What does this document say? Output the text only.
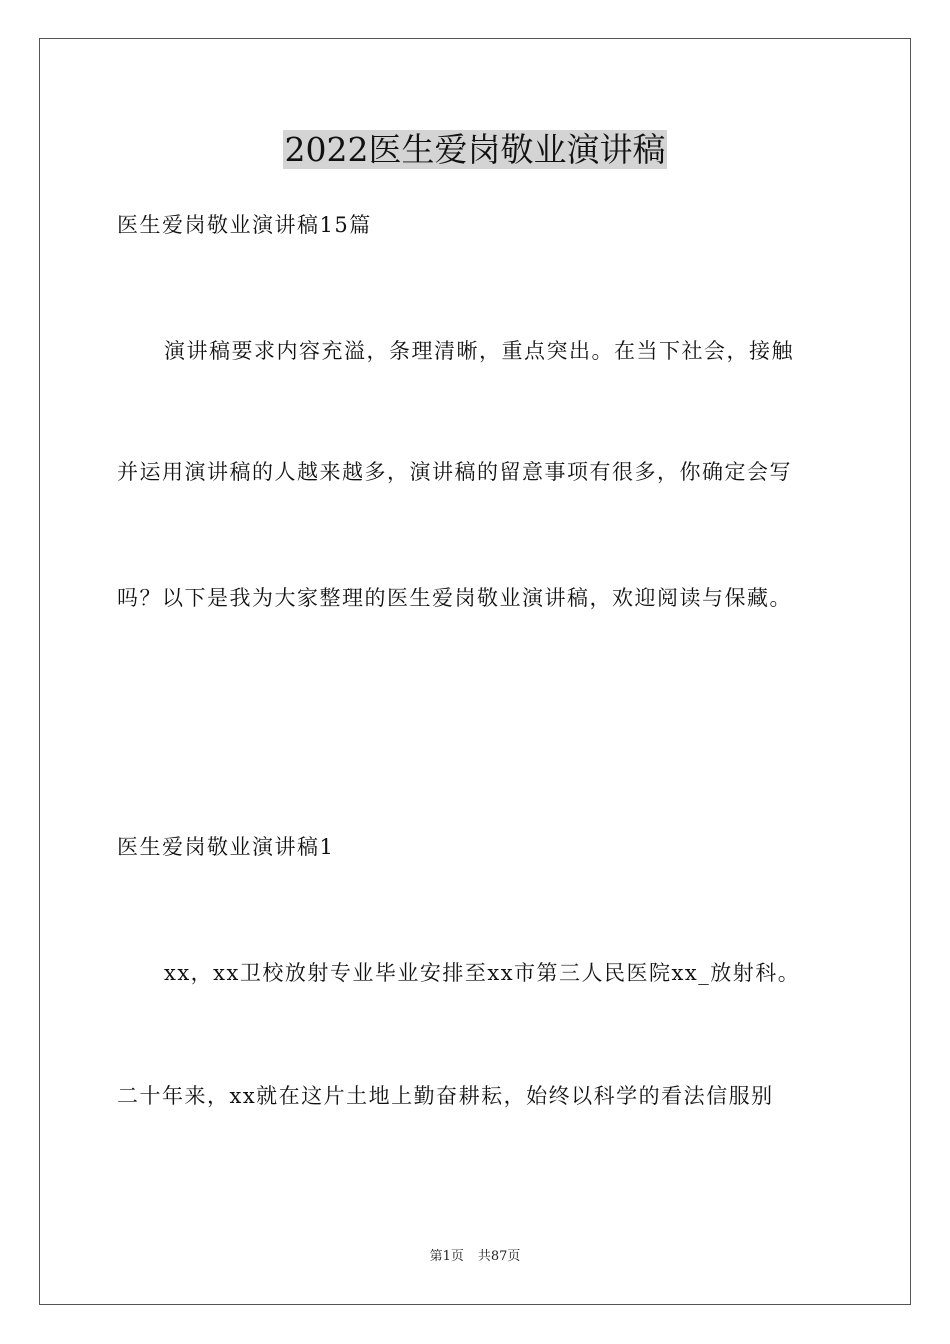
2022医生爱岗敬业演讲稿
医生爱岗敬业演讲稿15篇
演讲稿要求内容充溢，条理清晰，重点突出。在当下社会，接触
并运用演讲稿的人越来越多，演讲稿的留意事项有很多，你确定会写
吗？以下是我为大家整理的医生爱岗敬业演讲稿，欢迎阅读与保藏。
医生爱岗敬业演讲稿1
xx，xx卫校放射专业毕业安排至xx市第三人民医院xx_放射科。
二十年来，xx就在这片土地上勤奋耕耘，始终以科学的看法信服别
第1页 共87页
